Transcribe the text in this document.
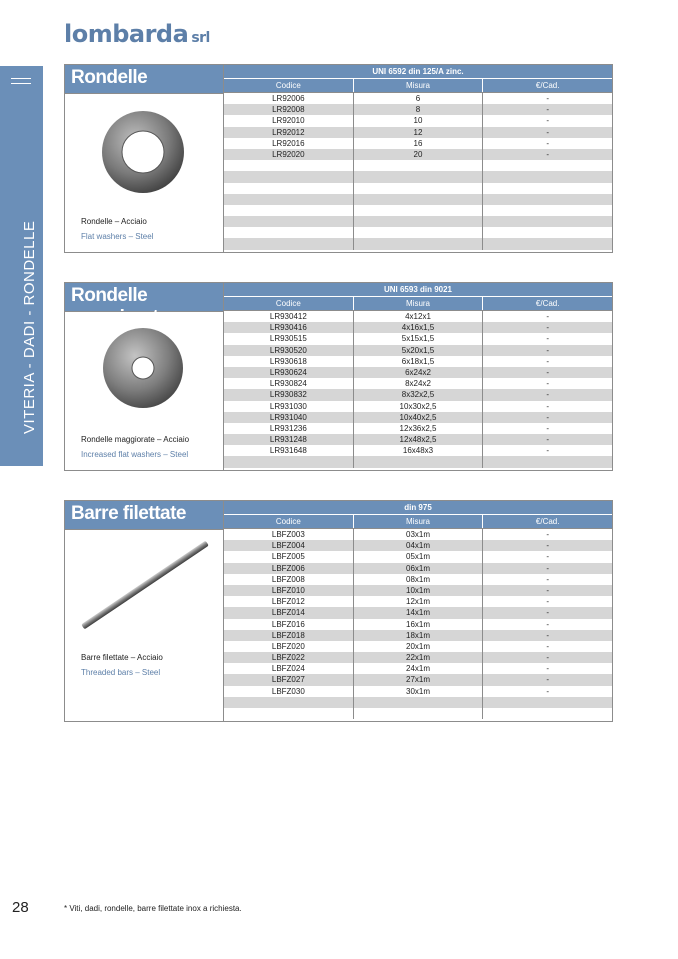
lombarda srl
VITERIA - DADI - RONDELLE
Rondelle
Rondelle – Acciaio
Flat washers – Steel
UNI 6592 din 125/A zinc.
Codice	Misura	€/Cad.
LR92006	6	-
LR92008	8	-
LR92010	10	-
LR92012	12	-
LR92016	16	-
LR92020	20	-
Rondelle maggiorate
Rondelle maggiorate – Acciaio
Increased flat washers – Steel
UNI 6593 din 9021
Codice	Misura	€/Cad.
LR930412	4x12x1	-
LR930416	4x16x1,5	-
LR930515	5x15x1,5	-
LR930520	5x20x1,5	-
LR930618	6x18x1,5	-
LR930624	6x24x2	-
LR930824	8x24x2	-
LR930832	8x32x2,5	-
LR931030	10x30x2,5	-
LR931040	10x40x2,5	-
LR931236	12x36x2,5	-
LR931248	12x48x2,5	-
LR931648	16x48x3	-
Barre filettate
Barre filettate – Acciaio
Threaded bars – Steel
din 975
Codice	Misura	€/Cad.
LBFZ003	03x1m	-
LBFZ004	04x1m	-
LBFZ005	05x1m	-
LBFZ006	06x1m	-
LBFZ008	08x1m	-
LBFZ010	10x1m	-
LBFZ012	12x1m	-
LBFZ014	14x1m	-
LBFZ016	16x1m	-
LBFZ018	18x1m	-
LBFZ020	20x1m	-
LBFZ022	22x1m	-
LBFZ024	24x1m	-
LBFZ027	27x1m	-
LBFZ030	30x1m	-
28	* Viti, dadi, rondelle, barre filettate inox a richiesta.
